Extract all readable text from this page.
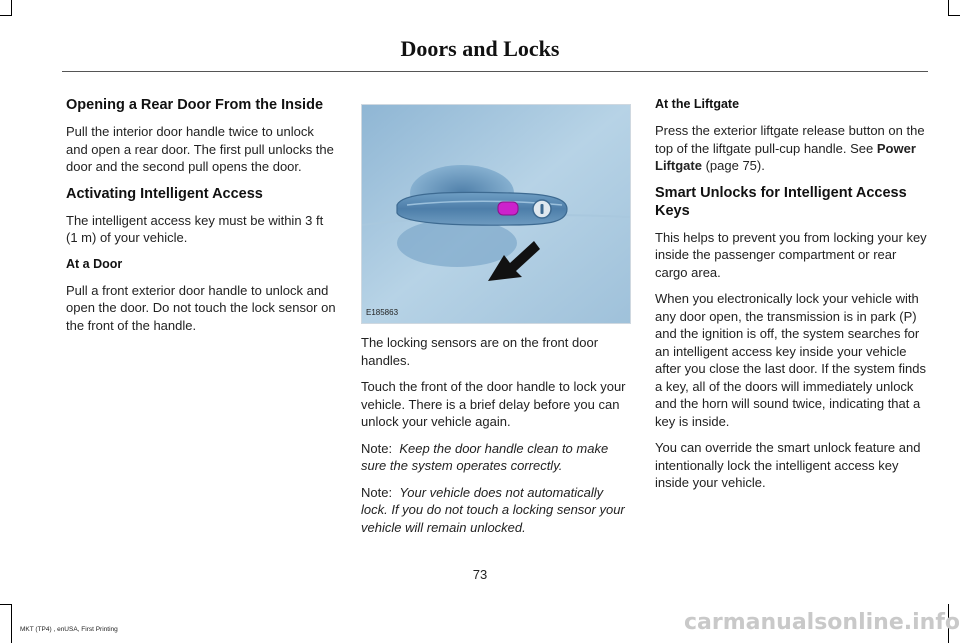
Doors and Locks
Opening a Rear Door From the Inside

Pull the interior door handle twice to unlock and open a rear door. The first pull unlocks the door and the second pull opens the door.

Activating Intelligent Access

The intelligent access key must be within 3 ft (1 m) of your vehicle.

At a Door

Pull a front exterior door handle to unlock and open the door. Do not touch the lock sensor on the front of the handle.

E185863

The locking sensors are on the front door handles.

Touch the front of the door handle to lock your vehicle. There is a brief delay before you can unlock your vehicle again.

Note: Keep the door handle clean to make sure the system operates correctly.

Note: Your vehicle does not automatically lock. If you do not touch a locking sensor your vehicle will remain unlocked.

At the Liftgate

Press the exterior liftgate release button on the top of the liftgate pull-cup handle. See Power Liftgate (page 75).

Smart Unlocks for Intelligent Access Keys

This helps to prevent you from locking your key inside the passenger compartment or rear cargo area.

When you electronically lock your vehicle with any door open, the transmission is in park (P) and the ignition is off, the system searches for an intelligent access key inside your vehicle after you close the last door. If the system finds a key, all of the doors will immediately unlock and the horn will sound twice, indicating that a key is inside.

You can override the smart unlock feature and intentionally lock the intelligent access key inside your vehicle.

73
MKT (TP4) , enUSA, First Printing	carmanualsonline.info
